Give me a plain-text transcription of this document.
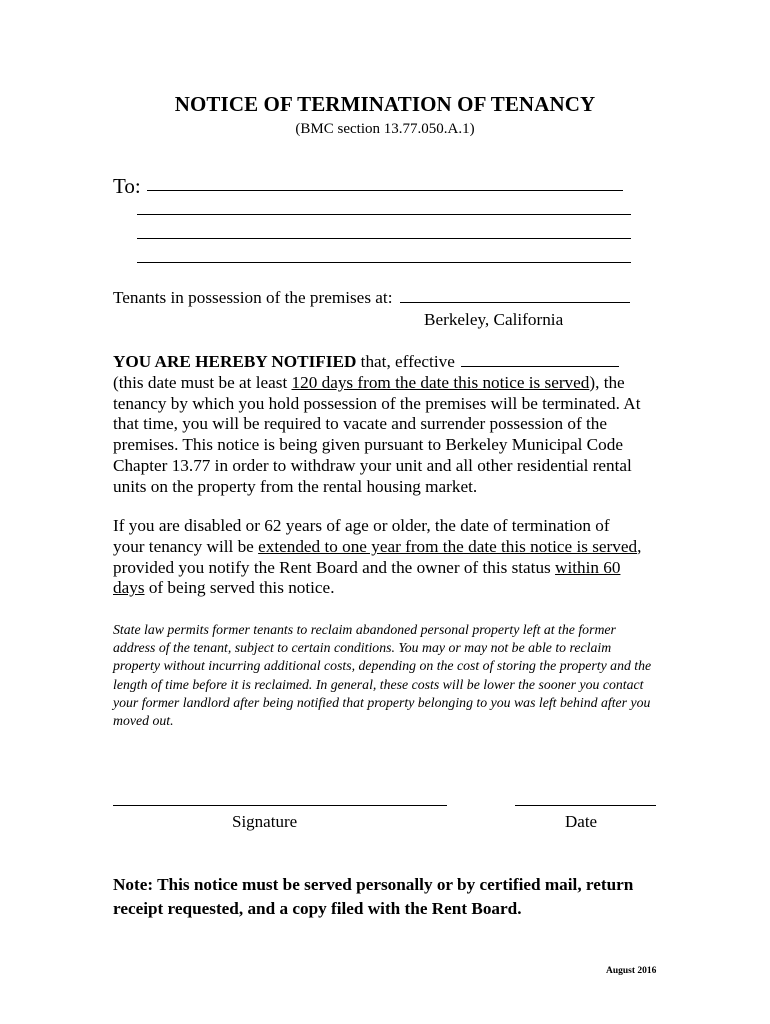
NOTICE OF TERMINATION OF TENANCY
(BMC section 13.77.050.A.1)
To:
Tenants in possession of the premises at:
Berkeley, California
YOU ARE HEREBY NOTIFIED that, effective
(this date must be at least 120 days from the date this notice is served), the tenancy by which you hold possession of the premises will be terminated. At that time, you will be required to vacate and surrender possession of the premises. This notice is being given pursuant to Berkeley Municipal Code Chapter 13.77 in order to withdraw your unit and all other residential rental units on the property from the rental housing market.
If you are disabled or 62 years of age or older, the date of termination of your tenancy will be extended to one year from the date this notice is served, provided you notify the Rent Board and the owner of this status within 60 days of being served this notice.
State law permits former tenants to reclaim abandoned personal property left at the former address of the tenant, subject to certain conditions. You may or may not be able to reclaim property without incurring additional costs, depending on the cost of storing the property and the length of time before it is reclaimed. In general, these costs will be lower the sooner you contact your former landlord after being notified that property belonging to you was left behind after you moved out.
Signature	Date
Note: This notice must be served personally or by certified mail, return receipt requested, and a copy filed with the Rent Board.
August 2016
